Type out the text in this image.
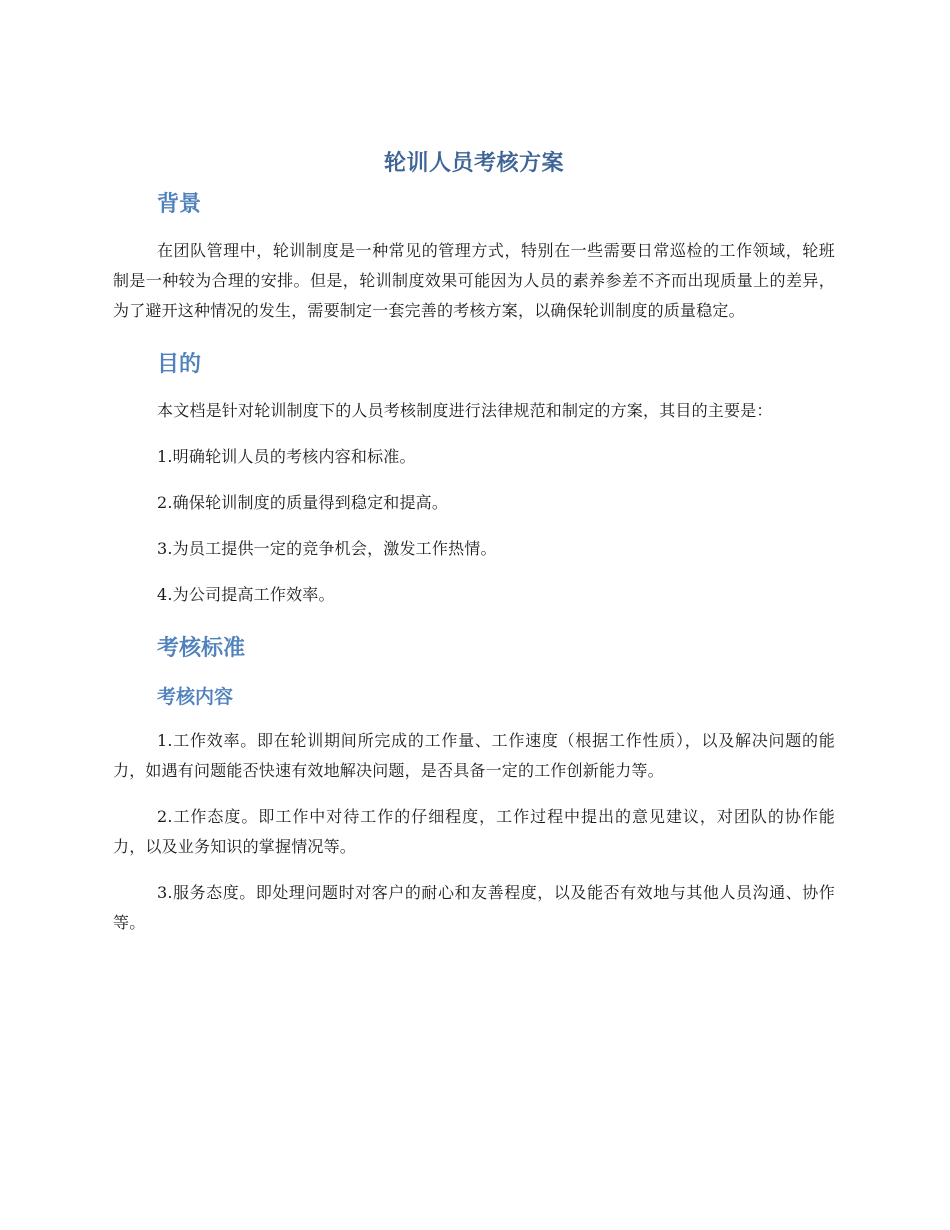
轮训人员考核方案
背景

在团队管理中，轮训制度是一种常见的管理方式，特别在一些需要日常巡检的工作领域，轮班制是一种较为合理的安排。但是，轮训制度效果可能因为人员的素养参差不齐而出现质量上的差异，为了避开这种情况的发生，需要制定一套完善的考核方案，以确保轮训制度的质量稳定。

目的

本文档是针对轮训制度下的人员考核制度进行法律规范和制定的方案，其目的主要是：

1.明确轮训人员的考核内容和标准。

2.确保轮训制度的质量得到稳定和提高。

3.为员工提供一定的竞争机会，激发工作热情。

4.为公司提高工作效率。

考核标准
考核内容

1.工作效率。即在轮训期间所完成的工作量、工作速度（根据工作性质），以及解决问题的能力，如遇有问题能否快速有效地解决问题，是否具备一定的工作创新能力等。

2.工作态度。即工作中对待工作的仔细程度，工作过程中提出的意见建议，对团队的协作能力，以及业务知识的掌握情况等。

3.服务态度。即处理问题时对客户的耐心和友善程度，以及能否有效地与其他人员沟通、协作等。
